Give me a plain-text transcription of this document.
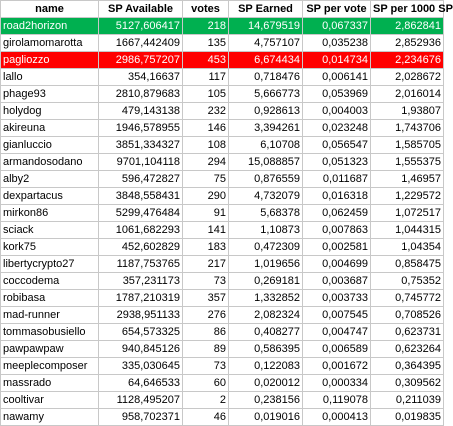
name	SP Available	votes	SP Earned	SP per vote	SP per 1000 SP
road2horizon	5127,606417	218	14,679519	0,067337	2,862841
girolamomarotta	1667,442409	135	4,757107	0,035238	2,852936
pagliozzo	2986,757207	453	6,674434	0,014734	2,234676
lallo	354,16637	117	0,718476	0,006141	2,028672
phage93	2810,879683	105	5,666773	0,053969	2,016014
holydog	479,143138	232	0,928613	0,004003	1,93807
akireuna	1946,578955	146	3,394261	0,023248	1,743706
gianluccio	3851,334327	108	6,10708	0,056547	1,585705
armandosodano	9701,104118	294	15,088857	0,051323	1,555375
alby2	596,472827	75	0,876559	0,011687	1,46957
dexpartacus	3848,558431	290	4,732079	0,016318	1,229572
mirkon86	5299,476484	91	5,68378	0,062459	1,072517
sciack	1061,682293	141	1,10873	0,007863	1,044315
kork75	452,602829	183	0,472309	0,002581	1,04354
libertycrypto27	1187,753765	217	1,019656	0,004699	0,858475
coccodema	357,231173	73	0,269181	0,003687	0,75352
robibasa	1787,210319	357	1,332852	0,003733	0,745772
mad-runner	2938,951133	276	2,082324	0,007545	0,708526
tommasobusiello	654,573325	86	0,408277	0,004747	0,623731
pawpawpaw	940,845126	89	0,586395	0,006589	0,623264
meeplecomposer	335,030645	73	0,122083	0,001672	0,364395
massrado	64,646533	60	0,020012	0,000334	0,309562
cooltivar	1128,495207	2	0,238156	0,119078	0,211039
nawamy	958,702371	46	0,019016	0,000413	0,019835
